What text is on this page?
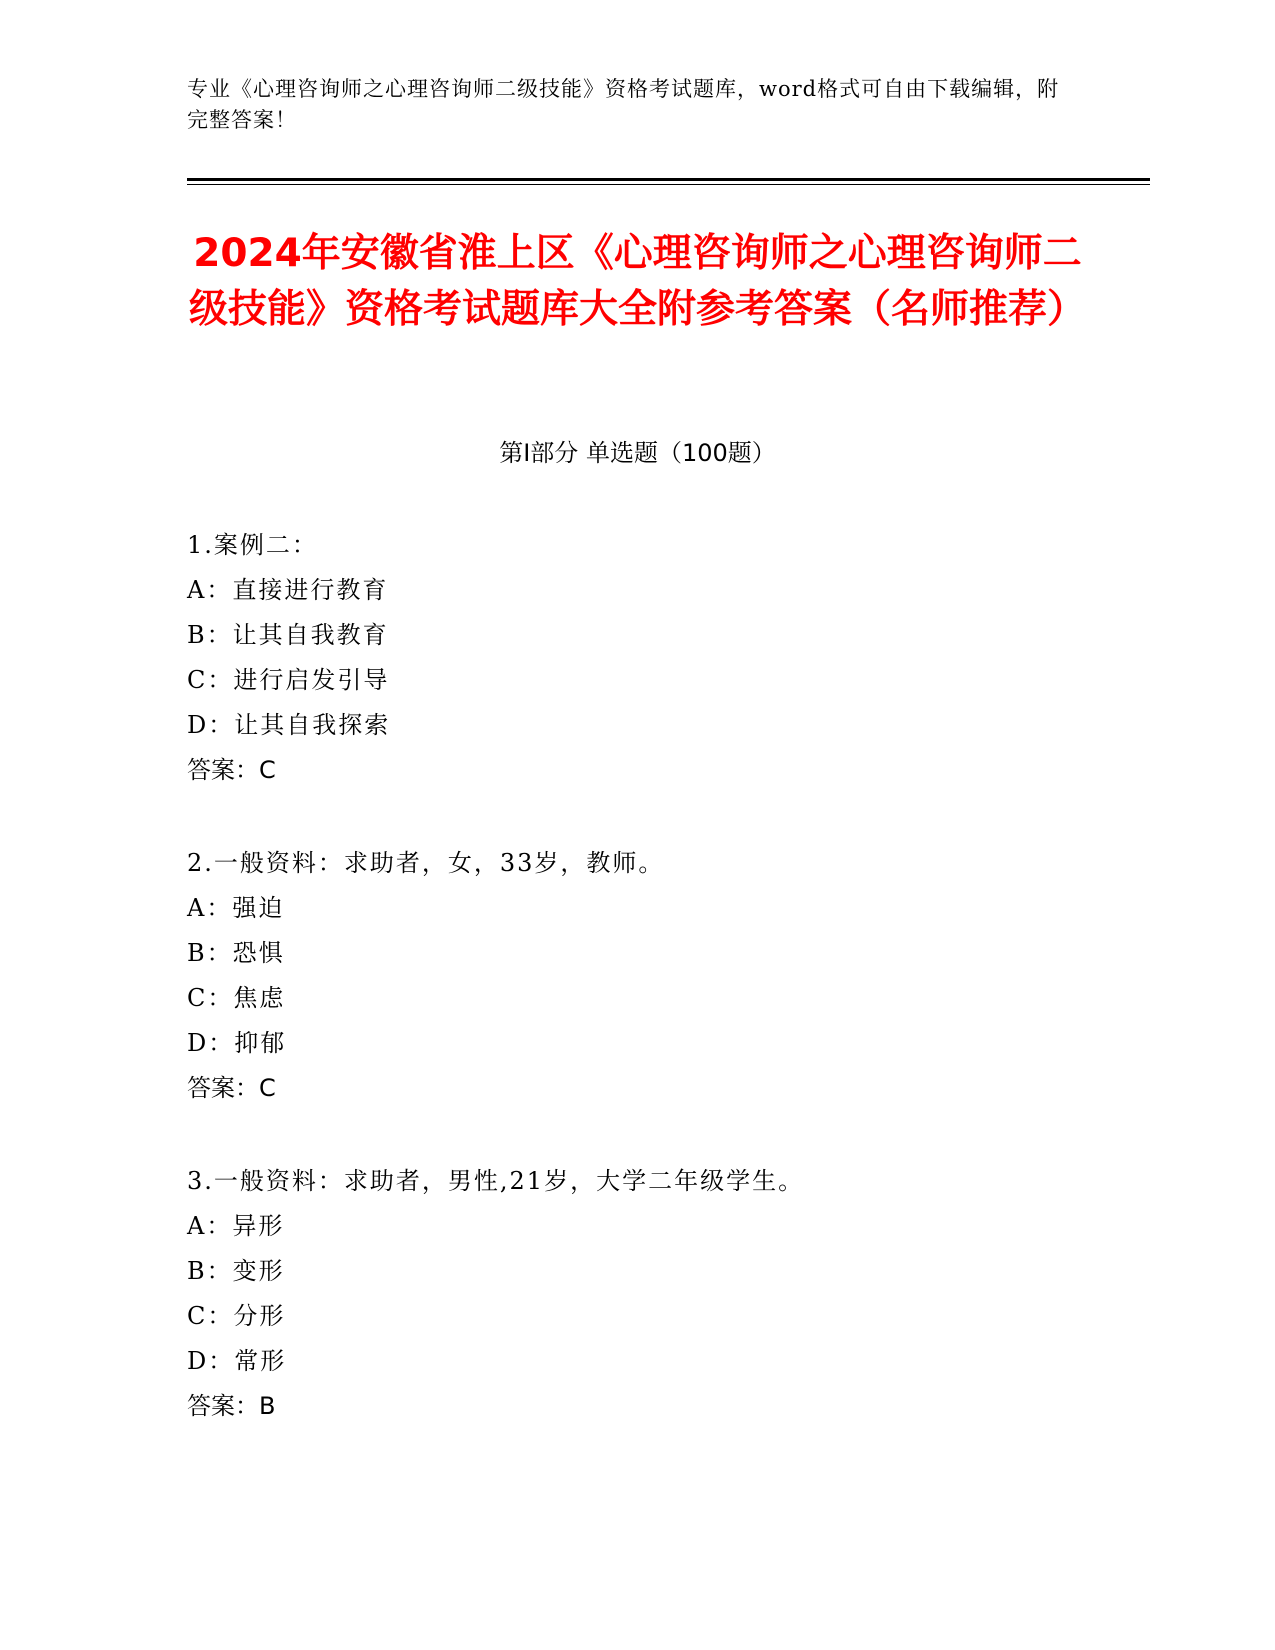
专业《心理咨询师之心理咨询师二级技能》资格考试题库，word格式可自由下载编辑，附完整答案！
2024年安徽省淮上区《心理咨询师之心理咨询师二级技能》资格考试题库大全附参考答案（名师推荐）
第Ⅰ部分 单选题（100题）
1.案例二：
A：直接进行教育
B：让其自我教育
C：进行启发引导
D：让其自我探索
答案：C
2.一般资料：求助者，女，33岁，教师。
A：强迫
B：恐惧
C：焦虑
D：抑郁
答案：C
3.一般资料：求助者，男性,21岁，大学二年级学生。
A：异形
B：变形
C：分形
D：常形
答案：B
